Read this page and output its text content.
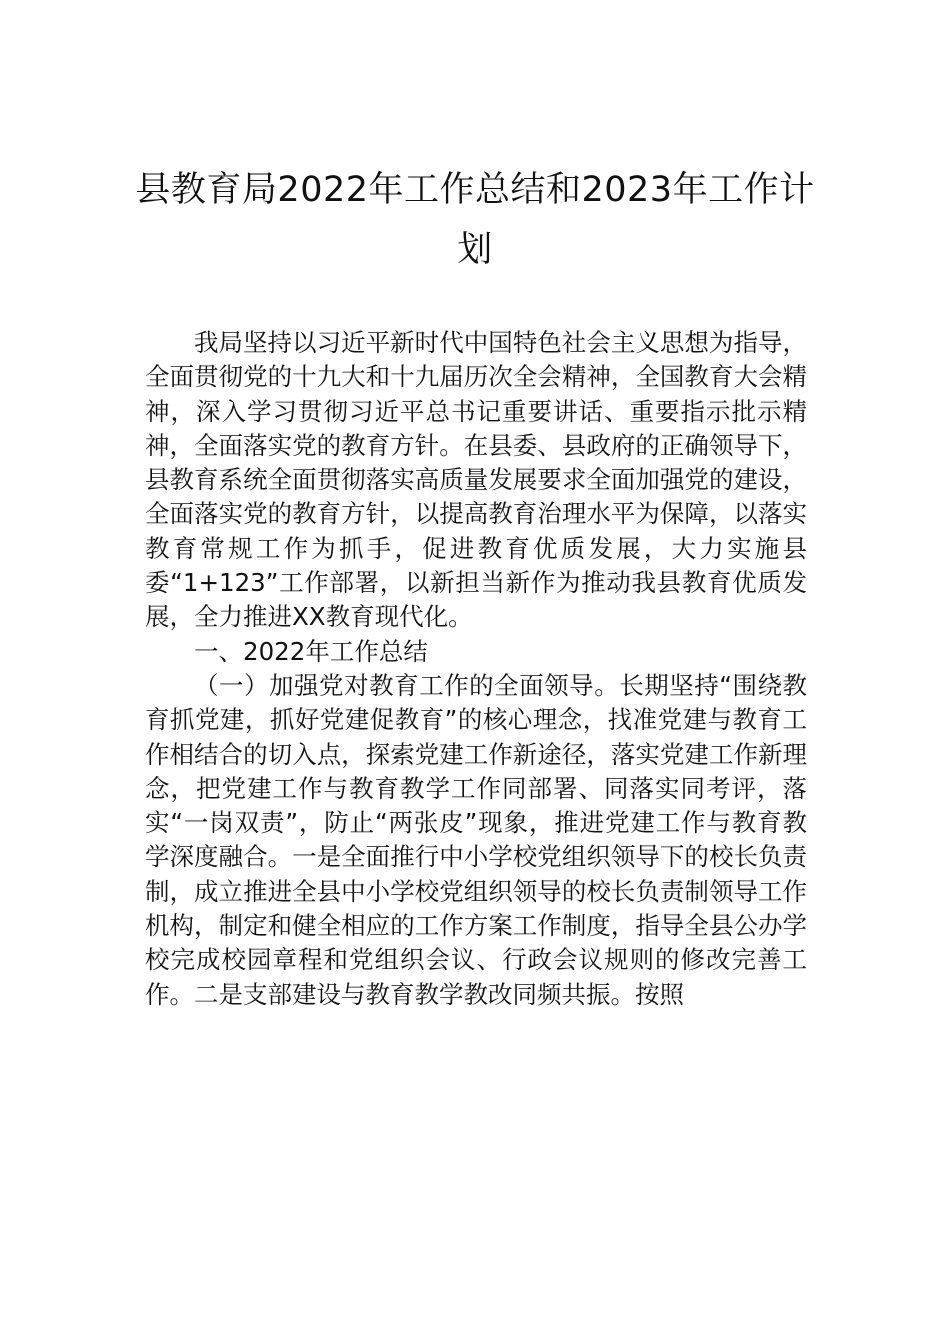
县教育局2022年工作总结和2023年工作计划

我局坚持以习近平新时代中国特色社会主义思想为指导，全面贯彻党的十九大和十九届历次全会精神，全国教育大会精神，深入学习贯彻习近平总书记重要讲话、重要指示批示精神，全面落实党的教育方针。在县委、县政府的正确领导下，县教育系统全面贯彻落实高质量发展要求全面加强党的建设，全面落实党的教育方针，以提高教育治理水平为保障，以落实教育常规工作为抓手，促进教育优质发展，大力实施县委“1+123”工作部署，以新担当新作为推动我县教育优质发展，全力推进XX教育现代化。

一、2022年工作总结

（一）加强党对教育工作的全面领导。长期坚持“围绕教育抓党建，抓好党建促教育”的核心理念，找准党建与教育工作相结合的切入点，探索党建工作新途径，落实党建工作新理念，把党建工作与教育教学工作同部署、同落实同考评，落实“一岗双责”，防止“两张皮”现象，推进党建工作与教育教学深度融合。一是全面推行中小学校党组织领导下的校长负责制，成立推进全县中小学校党组织领导的校长负责制领导工作机构，制定和健全相应的工作方案工作制度，指导全县公办学校完成校园章程和党组织会议、行政会议规则的修改完善工作。二是支部建设与教育教学教改同频共振。按照
